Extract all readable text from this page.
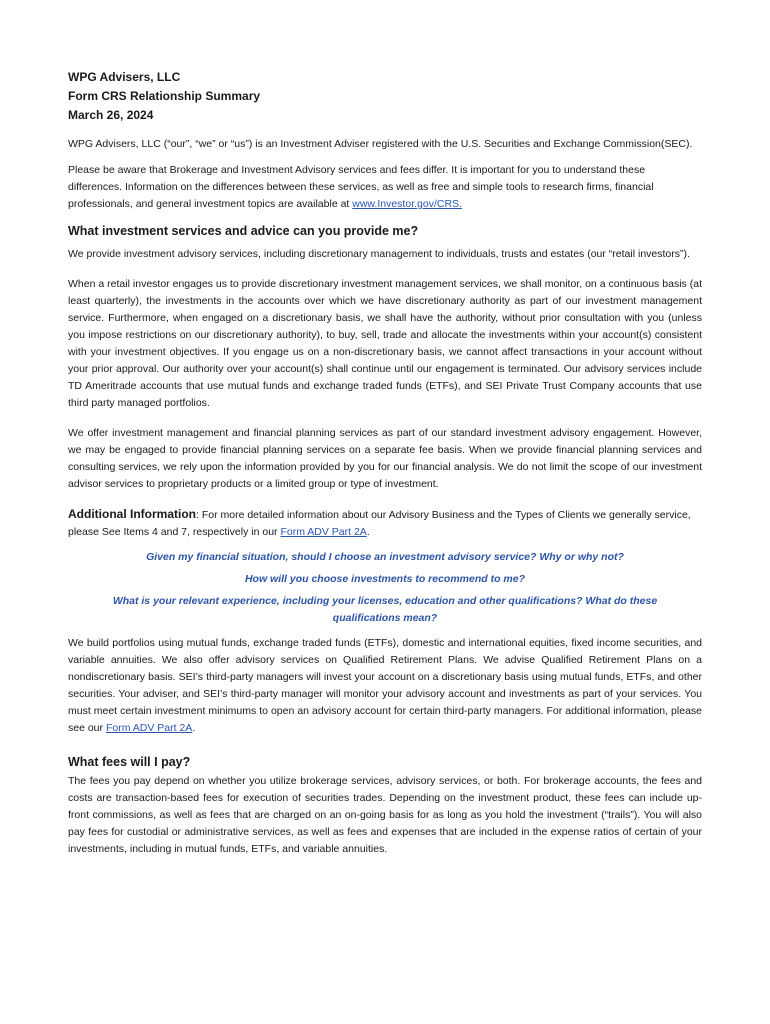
WPG Advisers, LLC

Form CRS Relationship Summary

March 26, 2024

WPG Advisers, LLC (“our”, “we” or “us”) is an Investment Adviser registered with the U.S. Securities and Exchange Commission(SEC).

Please be aware that Brokerage and Investment Advisory services and fees differ. It is important for you to understand these differences. Information on the differences between these services, as well as free and simple tools to research firms, financial professionals, and general investment topics are available at www.Investor.gov/CRS.

What investment services and advice can you provide me?

We provide investment advisory services, including discretionary management to individuals, trusts and estates (our “retail investors”).

When a retail investor engages us to provide discretionary investment management services, we shall monitor, on a continuous basis (at least quarterly), the investments in the accounts over which we have discretionary authority as part of our investment management service. Furthermore, when engaged on a discretionary basis, we shall have the authority, without prior consultation with you (unless you impose restrictions on our discretionary authority), to buy, sell, trade and allocate the investments within your account(s) consistent with your investment objectives. If you engage us on a non-discretionary basis, we cannot affect transactions in your account without your prior approval. Our authority over your account(s) shall continue until our engagement is terminated. Our advisory services include TD Ameritrade accounts that use mutual funds and exchange traded funds (ETFs), and SEI Private Trust Company accounts that use third party managed portfolios.

We offer investment management and financial planning services as part of our standard investment advisory engagement. However, we may be engaged to provide financial planning services on a separate fee basis. When we provide financial planning services and consulting services, we rely upon the information provided by you for our financial analysis. We do not limit the scope of our investment advisor services to proprietary products or a limited group or type of investment.

Additional Information: For more detailed information about our Advisory Business and the Types of Clients we generally service, please See Items 4 and 7, respectively in our Form ADV Part 2A.

Given my financial situation, should I choose an investment advisory service? Why or why not?

How will you choose investments to recommend to me?

What is your relevant experience, including your licenses, education and other qualifications? What do these qualifications mean?

We build portfolios using mutual funds, exchange traded funds (ETFs), domestic and international equities, fixed income securities, and variable annuities. We also offer advisory services on Qualified Retirement Plans. We advise Qualified Retirement Plans on a nondiscretionary basis. SEI’s third-party managers will invest your account on a discretionary basis using mutual funds, ETFs, and other securities. Your adviser, and SEI’s third-party manager will monitor your advisory account and investments as part of your services. You must meet certain investment minimums to open an advisory account for certain third-party managers. For additional information, please see our Form ADV Part 2A.

What fees will I pay?

The fees you pay depend on whether you utilize brokerage services, advisory services, or both. For brokerage accounts, the fees and costs are transaction-based fees for execution of securities trades. Depending on the investment product, these fees can include up-front commissions, as well as fees that are charged on an on-going basis for as long as you hold the investment (“trails”). You will also pay fees for custodial or administrative services, as well as fees and expenses that are included in the expense ratios of certain of your investments, including in mutual funds, ETFs, and variable annuities.
